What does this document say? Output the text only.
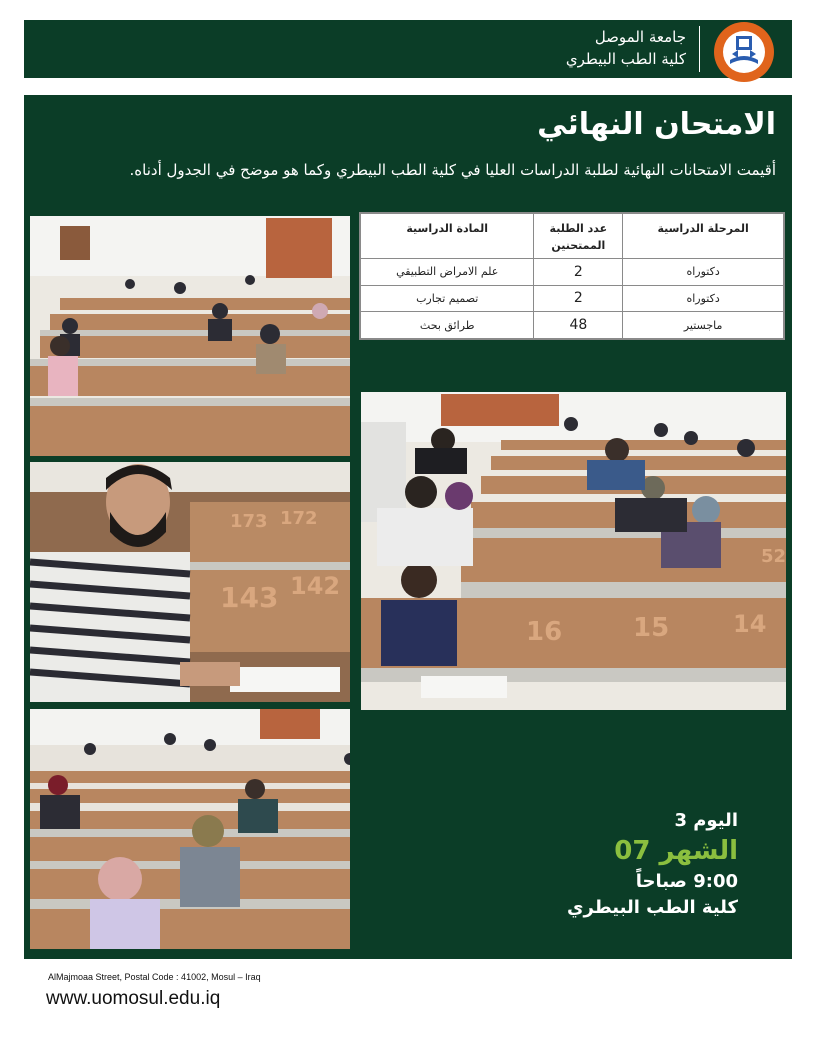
جامعة الموصل
كلية الطب البيطري
الامتحان النهائي
أقيمت الامتحانات النهائية لطلبة الدراسات العليا في كلية الطب البيطري وكما هو موضح في الجدول أدناه.
143 142
173 172
16	15	14
52
المرحلة الدراسية	عدد الطلبة الممتحنين	المادة الدراسية
دكتوراه	2	علم الامراض التطبيقي
دكتوراه	2	تصميم تجارب
ماجستير	48	طرائق بحث
اليوم 3
الشهر 07
9:00 صباحاً
كلية الطب البيطري
AlMajmoaa Street, Postal Code : 41002, Mosul – Iraq
www.uomosul.edu.iq
